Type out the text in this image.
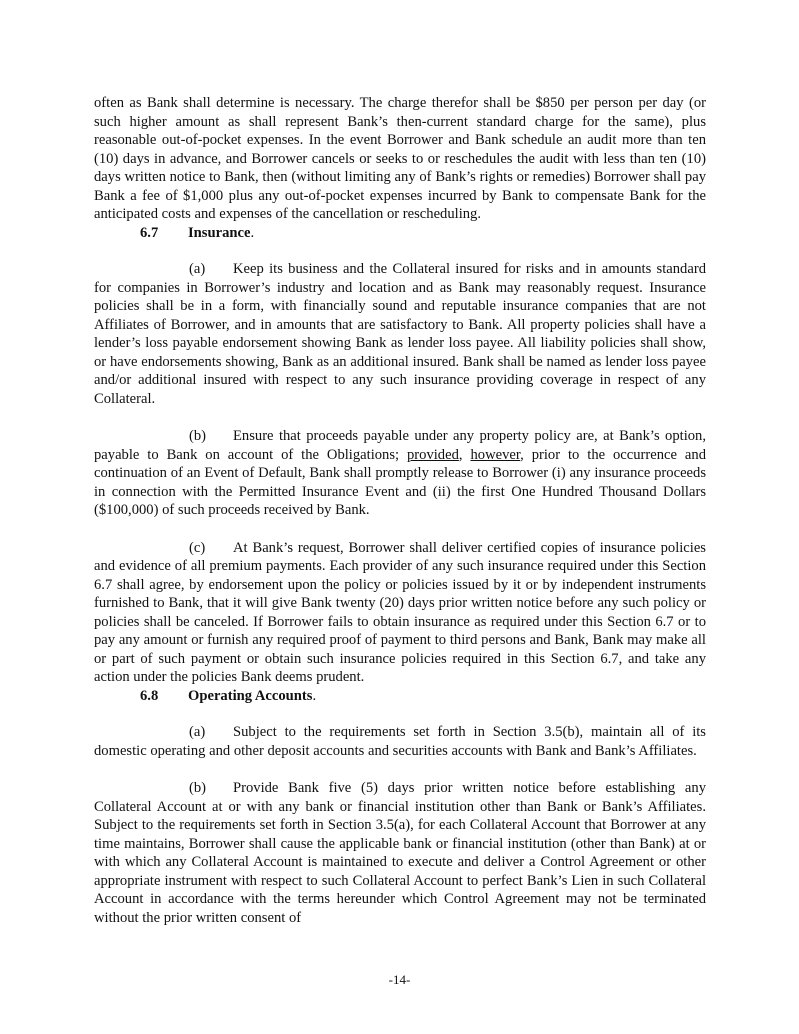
often as Bank shall determine is necessary. The charge therefor shall be $850 per person per day (or such higher amount as shall represent Bank’s then-current standard charge for the same), plus reasonable out-of-pocket expenses. In the event Borrower and Bank schedule an audit more than ten (10) days in advance, and Borrower cancels or seeks to or reschedules the audit with less than ten (10) days written notice to Bank, then (without limiting any of Bank’s rights or remedies) Borrower shall pay Bank a fee of $1,000 plus any out-of-pocket expenses incurred by Bank to compensate Bank for the anticipated costs and expenses of the cancellation or rescheduling.

6.7	Insurance.

(a) Keep its business and the Collateral insured for risks and in amounts standard for companies in Borrower’s industry and location and as Bank may reasonably request. Insurance policies shall be in a form, with financially sound and reputable insurance companies that are not Affiliates of Borrower, and in amounts that are satisfactory to Bank. All property policies shall have a lender’s loss payable endorsement showing Bank as lender loss payee. All liability policies shall show, or have endorsements showing, Bank as an additional insured. Bank shall be named as lender loss payee and/or additional insured with respect to any such insurance providing coverage in respect of any Collateral.

(b) Ensure that proceeds payable under any property policy are, at Bank’s option, payable to Bank on account of the Obligations; provided, however, prior to the occurrence and continuation of an Event of Default, Bank shall promptly release to Borrower (i) any insurance proceeds in connection with the Permitted Insurance Event and (ii) the first One Hundred Thousand Dollars ($100,000) of such proceeds received by Bank.

(c) At Bank’s request, Borrower shall deliver certified copies of insurance policies and evidence of all premium payments. Each provider of any such insurance required under this Section 6.7 shall agree, by endorsement upon the policy or policies issued by it or by independent instruments furnished to Bank, that it will give Bank twenty (20) days prior written notice before any such policy or policies shall be canceled. If Borrower fails to obtain insurance as required under this Section 6.7 or to pay any amount or furnish any required proof of payment to third persons and Bank, Bank may make all or part of such payment or obtain such insurance policies required in this Section 6.7, and take any action under the policies Bank deems prudent.

6.8	Operating Accounts.

(a) Subject to the requirements set forth in Section 3.5(b), maintain all of its domestic operating and other deposit accounts and securities accounts with Bank and Bank’s Affiliates.

(b) Provide Bank five (5) days prior written notice before establishing any Collateral Account at or with any bank or financial institution other than Bank or Bank’s Affiliates. Subject to the requirements set forth in Section 3.5(a), for each Collateral Account that Borrower at any time maintains, Borrower shall cause the applicable bank or financial institution (other than Bank) at or with which any Collateral Account is maintained to execute and deliver a Control Agreement or other appropriate instrument with respect to such Collateral Account to perfect Bank’s Lien in such Collateral Account in accordance with the terms hereunder which Control Agreement may not be terminated without the prior written consent of

-14-
